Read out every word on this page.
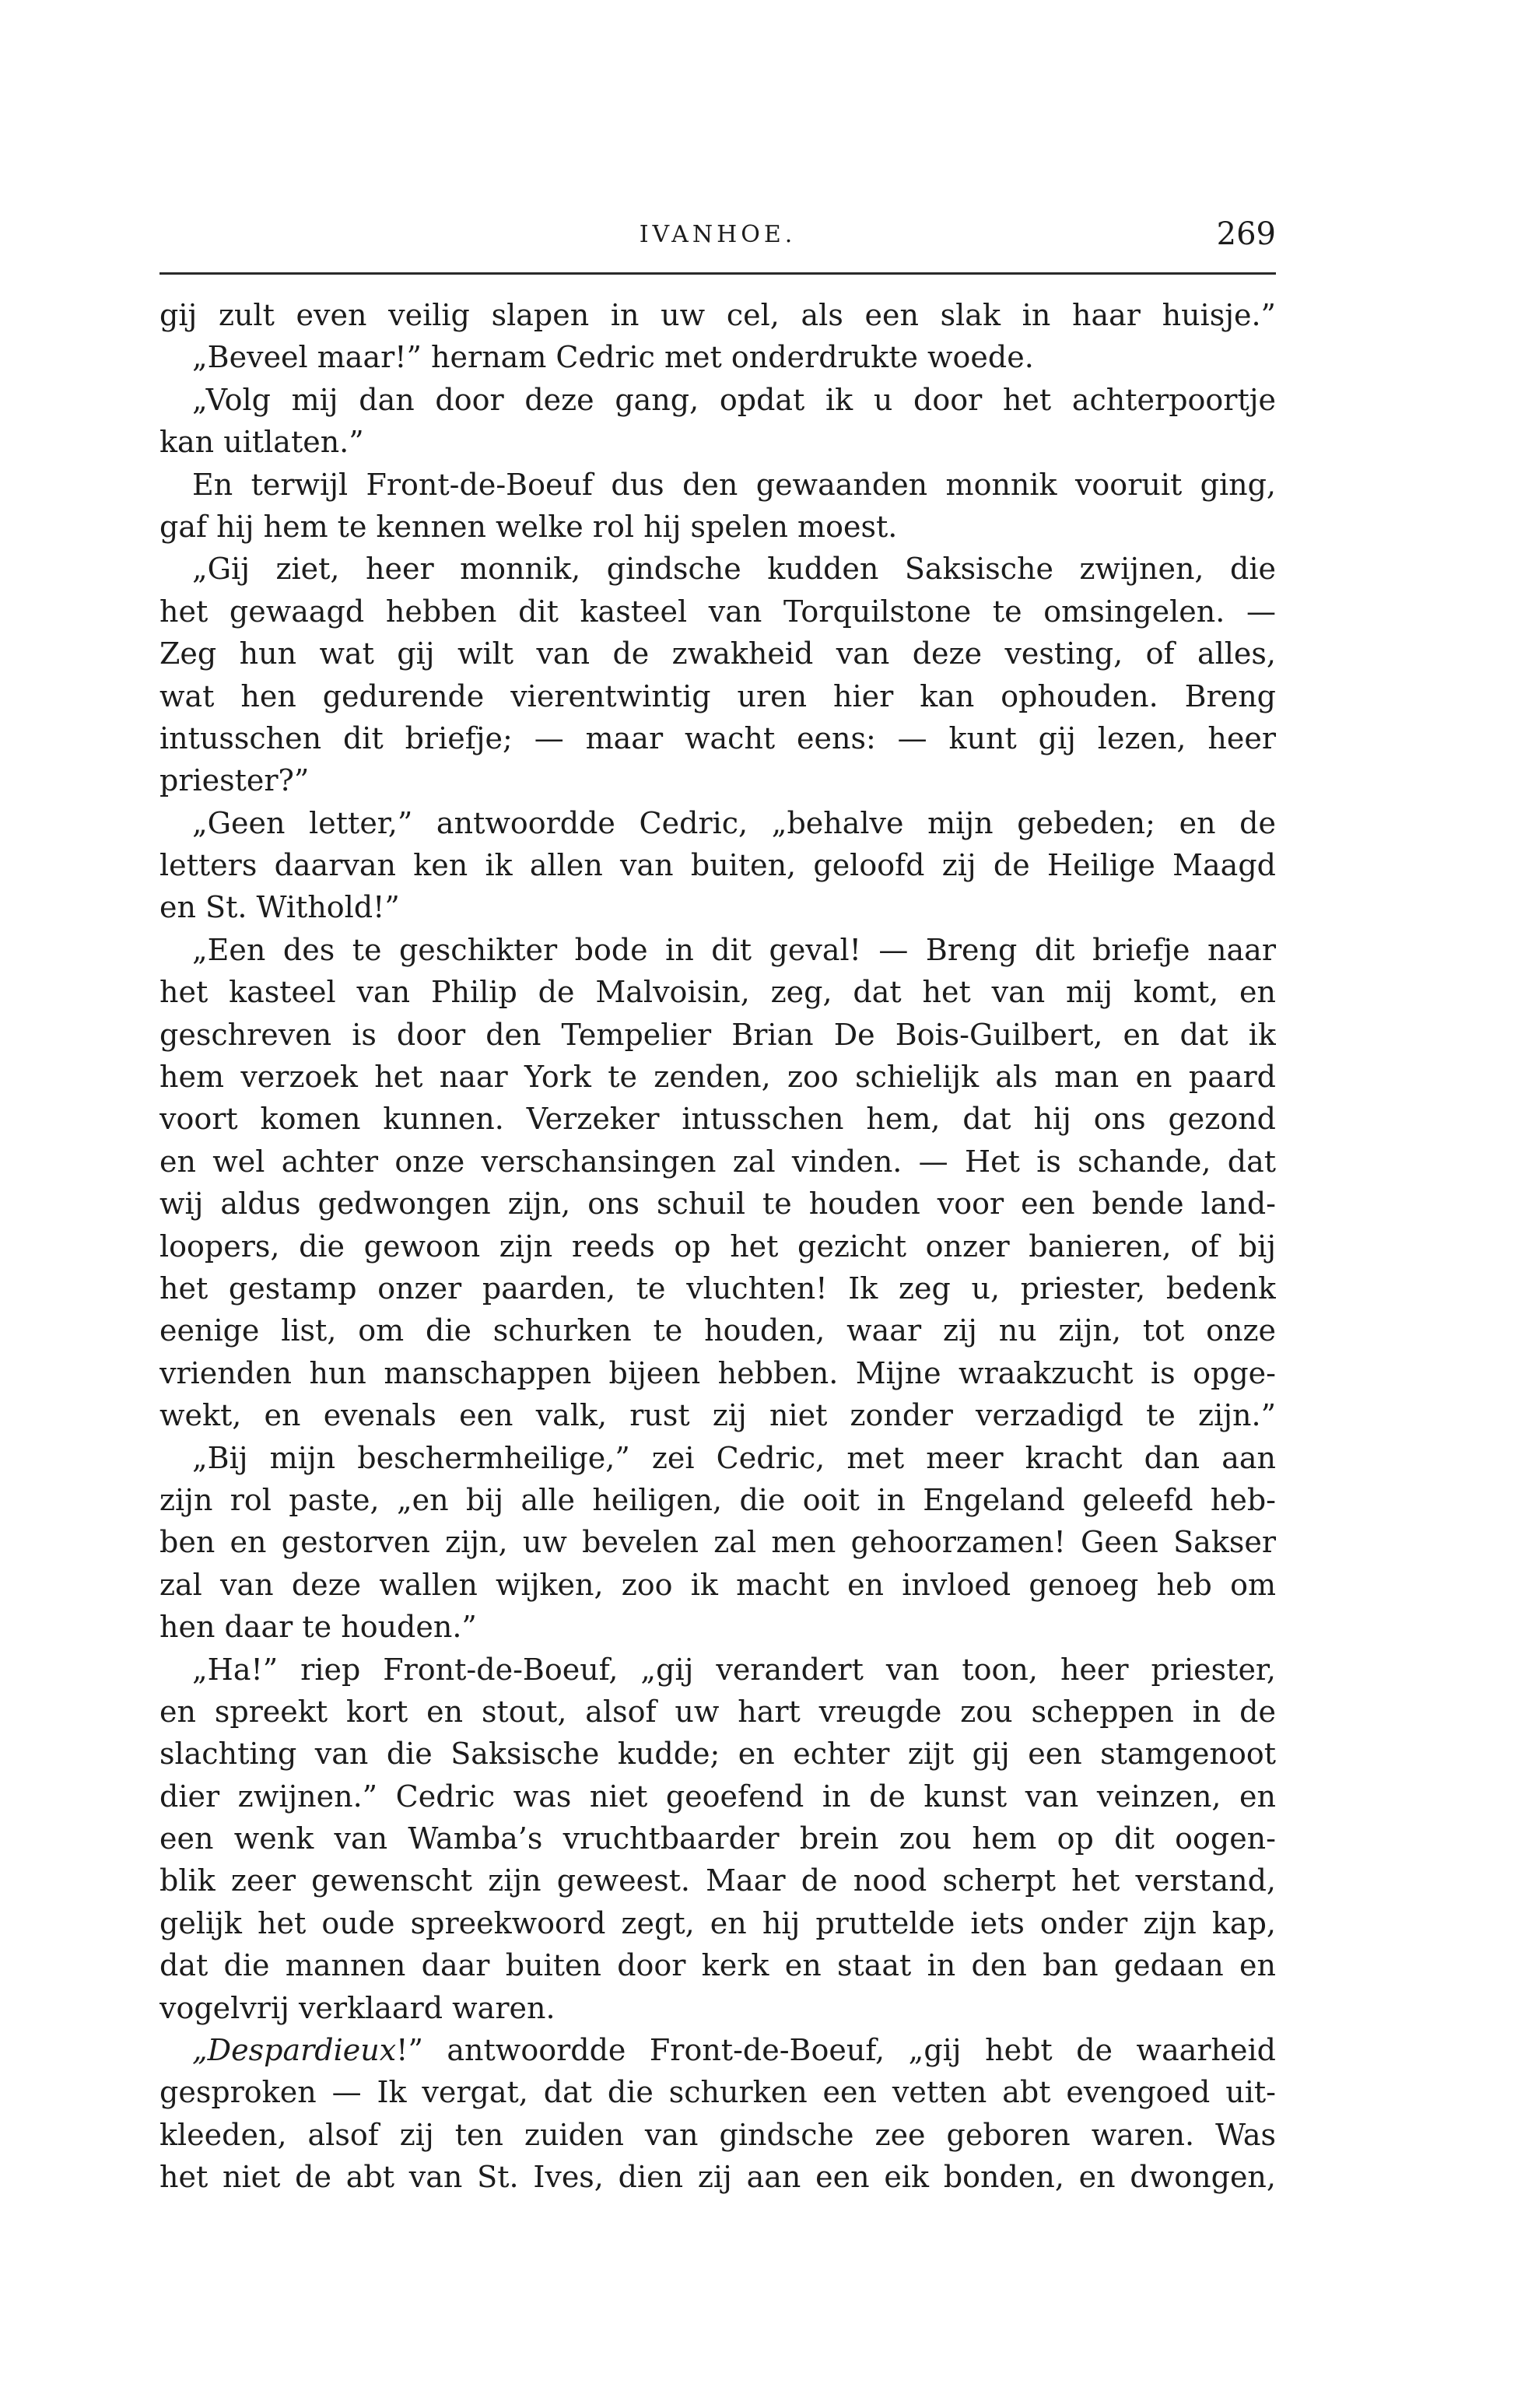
IVANHOE.	269
gij zult even veilig slapen in uw cel, als een slak in haar huisje.”
„Beveel maar!” hernam Cedric met onderdrukte woede.
„Volg mij dan door deze gang, opdat ik u door het achterpoortje
kan uitlaten.”
En terwijl Front-de-Boeuf dus den gewaanden monnik vooruit ging,
gaf hij hem te kennen welke rol hij spelen moest.
„Gij ziet, heer monnik, gindsche kudden Saksische zwijnen, die
het gewaagd hebben dit kasteel van Torquilstone te omsingelen. —
Zeg hun wat gij wilt van de zwakheid van deze vesting, of alles,
wat hen gedurende vierentwintig uren hier kan ophouden. Breng
intusschen dit briefje; — maar wacht eens: — kunt gij lezen, heer
priester?”
„Geen letter,” antwoordde Cedric, „behalve mijn gebeden; en de
letters daarvan ken ik allen van buiten, geloofd zij de Heilige Maagd
en St. Withold!”
„Een des te geschikter bode in dit geval! — Breng dit briefje naar
het kasteel van Philip de Malvoisin, zeg, dat het van mij komt, en
geschreven is door den Tempelier Brian De Bois-Guilbert, en dat ik
hem verzoek het naar York te zenden, zoo schielijk als man en paard
voort komen kunnen. Verzeker intusschen hem, dat hij ons gezond
en wel achter onze verschansingen zal vinden. — Het is schande, dat
wij aldus gedwongen zijn, ons schuil te houden voor een bende land-
loopers, die gewoon zijn reeds op het gezicht onzer banieren, of bij
het gestamp onzer paarden, te vluchten! Ik zeg u, priester, bedenk
eenige list, om die schurken te houden, waar zij nu zijn, tot onze
vrienden hun manschappen bijeen hebben. Mijne wraakzucht is opge-
wekt, en evenals een valk, rust zij niet zonder verzadigd te zijn.”
„Bij mijn beschermheilige,” zei Cedric, met meer kracht dan aan
zijn rol paste, „en bij alle heiligen, die ooit in Engeland geleefd heb-
ben en gestorven zijn, uw bevelen zal men gehoorzamen! Geen Sakser
zal van deze wallen wijken, zoo ik macht en invloed genoeg heb om
hen daar te houden.”
„Ha!” riep Front-de-Boeuf, „gij verandert van toon, heer priester,
en spreekt kort en stout, alsof uw hart vreugde zou scheppen in de
slachting van die Saksische kudde; en echter zijt gij een stamgenoot
dier zwijnen.” Cedric was niet geoefend in de kunst van veinzen, en
een wenk van Wamba’s vruchtbaarder brein zou hem op dit oogen-
blik zeer gewenscht zijn geweest. Maar de nood scherpt het verstand,
gelijk het oude spreekwoord zegt, en hij pruttelde iets onder zijn kap,
dat die mannen daar buiten door kerk en staat in den ban gedaan en
vogelvrij verklaard waren.
„Despardieux!” antwoordde Front-de-Boeuf, „gij hebt de waarheid
gesproken — Ik vergat, dat die schurken een vetten abt evengoed uit-
kleeden, alsof zij ten zuiden van gindsche zee geboren waren. Was
het niet de abt van St. Ives, dien zij aan een eik bonden, en dwongen,
